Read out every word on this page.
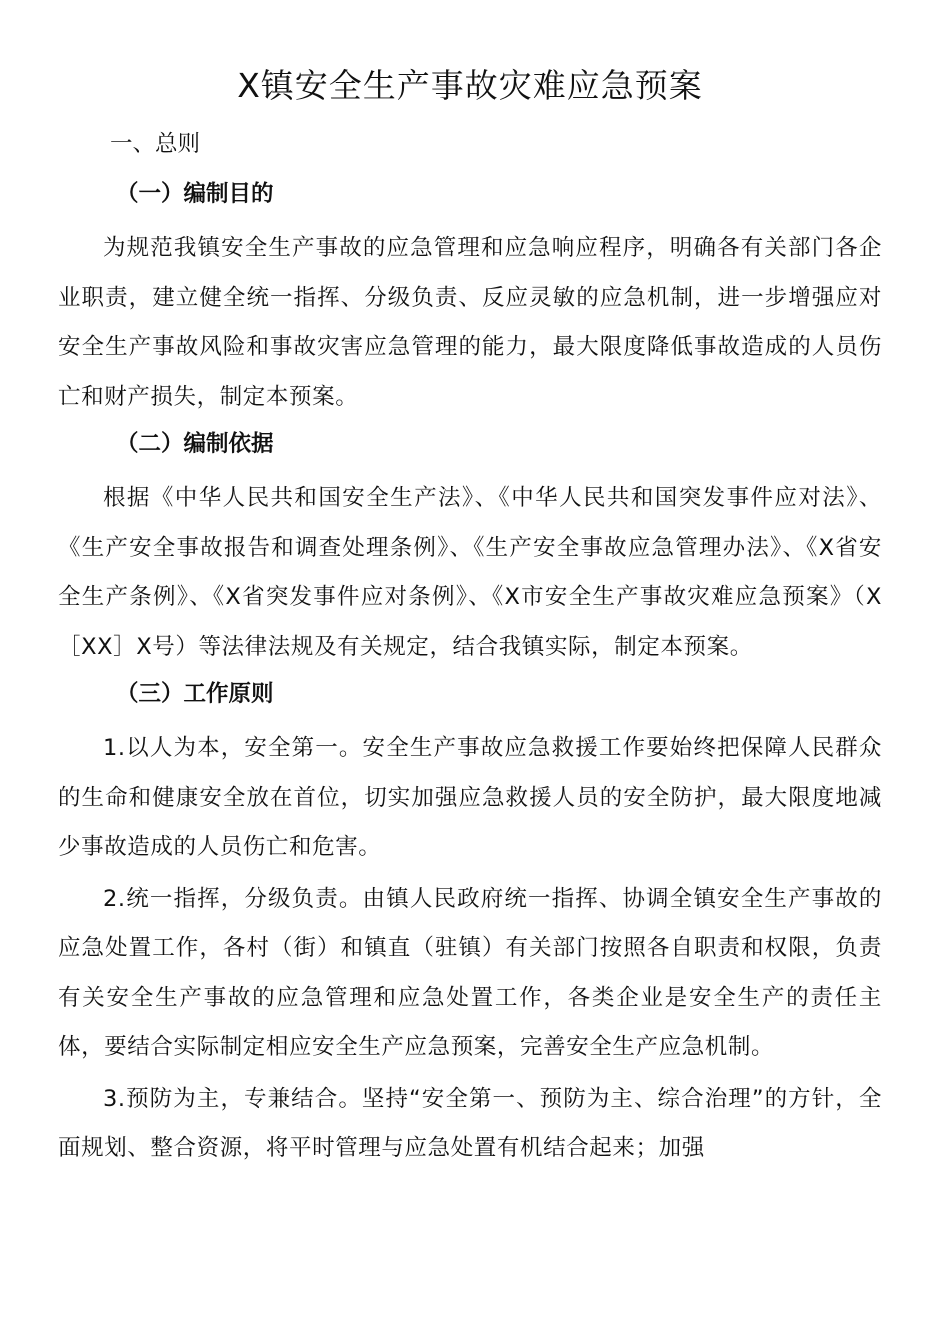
X镇安全生产事故灾难应急预案
一、总则
（一）编制目的

为规范我镇安全生产事故的应急管理和应急响应程序，明确各有关部门各企业职责，建立健全统一指挥、分级负责、反应灵敏的应急机制，进一步增强应对安全生产事故风险和事故灾害应急管理的能力，最大限度降低事故造成的人员伤亡和财产损失，制定本预案。

（二）编制依据

根据《中华人民共和国安全生产法》、《中华人民共和国突发事件应对法》、《生产安全事故报告和调查处理条例》、《生产安全事故应急管理办法》、《X省安全生产条例》、《X省突发事件应对条例》、《X市安全生产事故灾难应急预案》（X［XX］X号）等法律法规及有关规定，结合我镇实际，制定本预案。

（三）工作原则

1.以人为本，安全第一。安全生产事故应急救援工作要始终把保障人民群众的生命和健康安全放在首位，切实加强应急救援人员的安全防护，最大限度地减少事故造成的人员伤亡和危害。

2.统一指挥，分级负责。由镇人民政府统一指挥、协调全镇安全生产事故的应急处置工作，各村（街）和镇直（驻镇）有关部门按照各自职责和权限，负责有关安全生产事故的应急管理和应急处置工作，各类企业是安全生产的责任主体，要结合实际制定相应安全生产应急预案，完善安全生产应急机制。

3.预防为主，专兼结合。坚持“安全第一、预防为主、综合治理”的方针，全面规划、整合资源，将平时管理与应急处置有机结合起来；加强
